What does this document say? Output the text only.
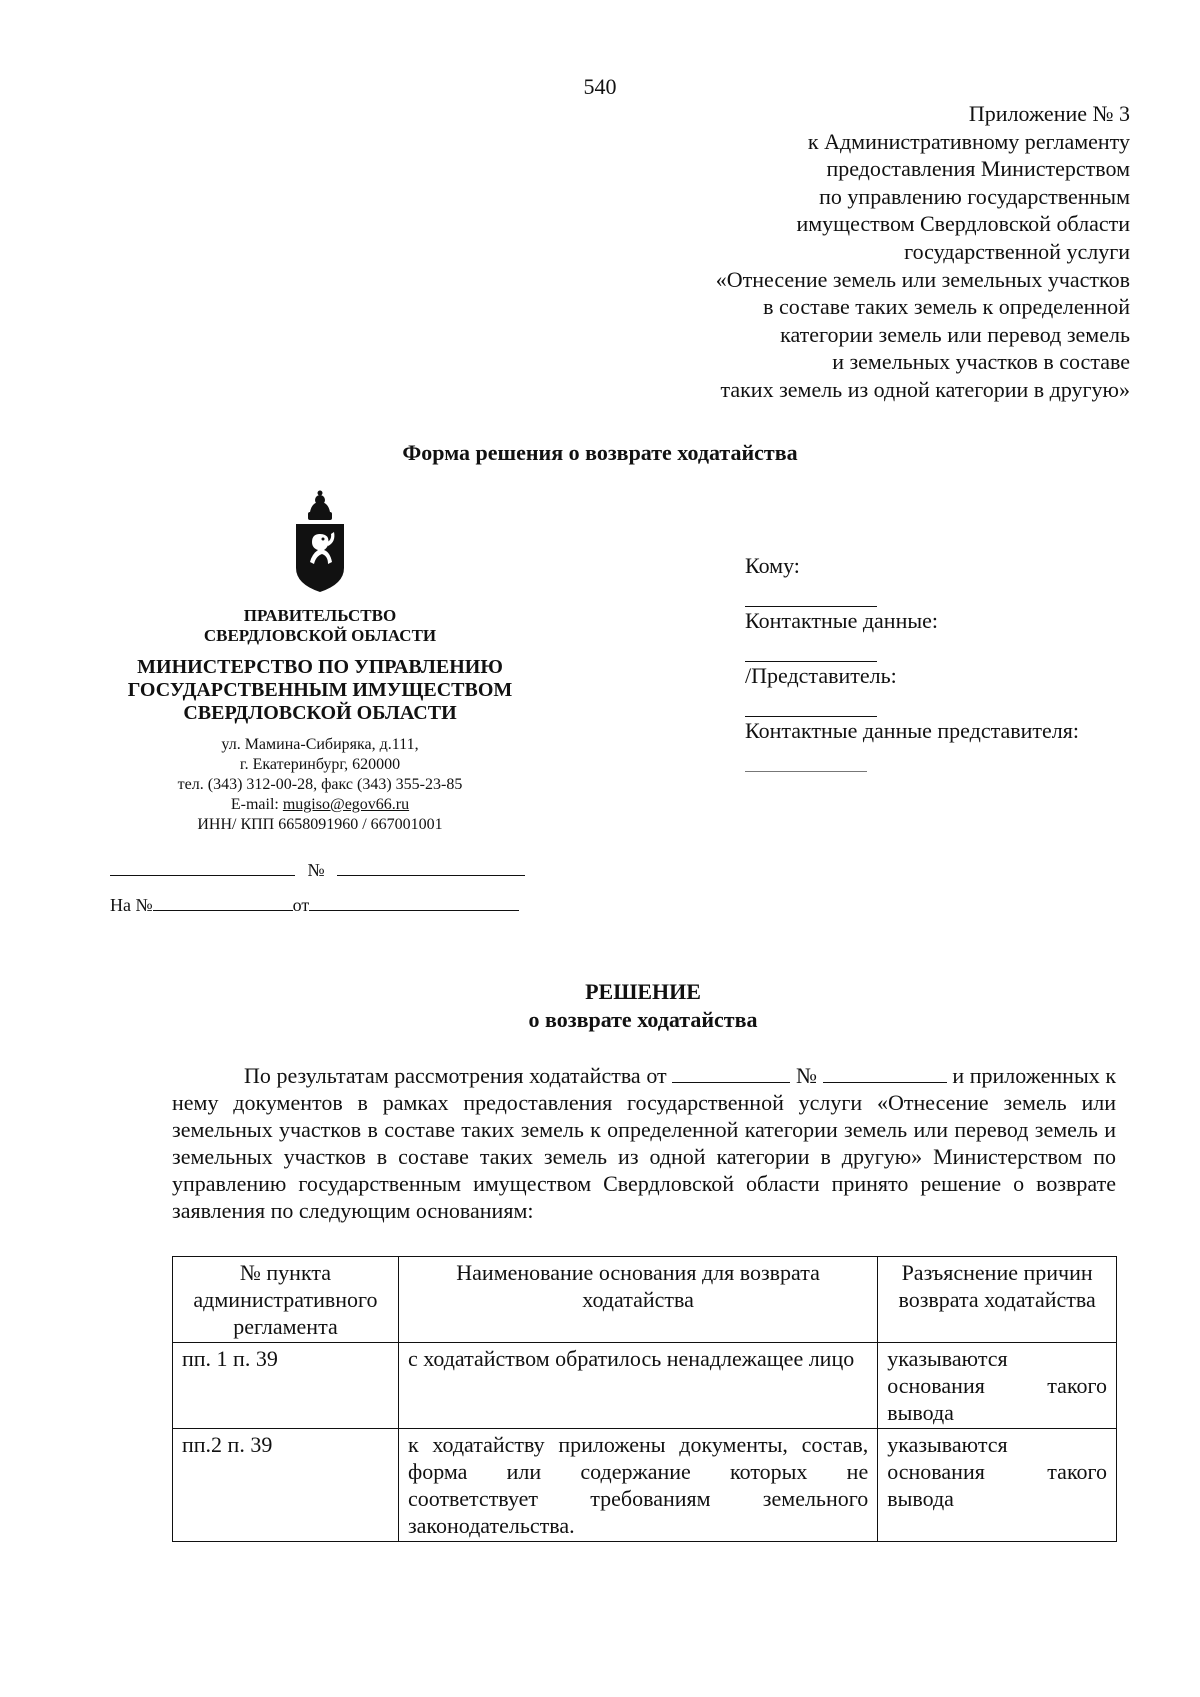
540
Приложение № 3
к Административному регламенту
предоставления Министерством
по управлению государственным
имуществом Свердловской области
государственной услуги
«Отнесение земель или земельных участков
в составе таких земель к определенной
категории земель или перевод земель
и земельных участков в составе
таких земель из одной категории в другую»
Форма решения о возврате ходатайства
ПРАВИТЕЛЬСТВО
СВЕРДЛОВСКОЙ ОБЛАСТИ
МИНИСТЕРСТВО ПО УПРАВЛЕНИЮ
ГОСУДАРСТВЕННЫМ ИМУЩЕСТВОМ
СВЕРДЛОВСКОЙ ОБЛАСТИ
ул. Мамина-Сибиряка, д.111,
г. Екатеринбург, 620000
тел. (343) 312-00-28, факс (343) 355-23-85
E-mail: mugiso@egov66.ru
ИНН/ КПП 6658091960 / 667001001
№
На №	от
Кому:
Контактные данные:
/Представитель:
Контактные данные представителя:
РЕШЕНИЕ
о возврате ходатайства

По результатам рассмотрения ходатайства от	№	и приложенных к нему документов в рамках предоставления государственной услуги «Отнесение земель или земельных участков в составе таких земель к определенной категории земель или перевод земель и земельных участков в составе таких земель из одной категории в другую» Министерством по управлению государственным имуществом Свердловской области принято решение о возврате заявления по следующим основаниям:

№ пункта административного регламента	Наименование основания для возврата ходатайства	Разъяснение причин возврата ходатайства
пп. 1 п. 39	с ходатайством обратилось ненадлежащее лицо	указываются основания такого вывода
пп.2 п. 39	к ходатайству приложены документы, состав, форма или содержание которых не соответствует требованиям земельного законодательства.	указываются основания такого вывода
